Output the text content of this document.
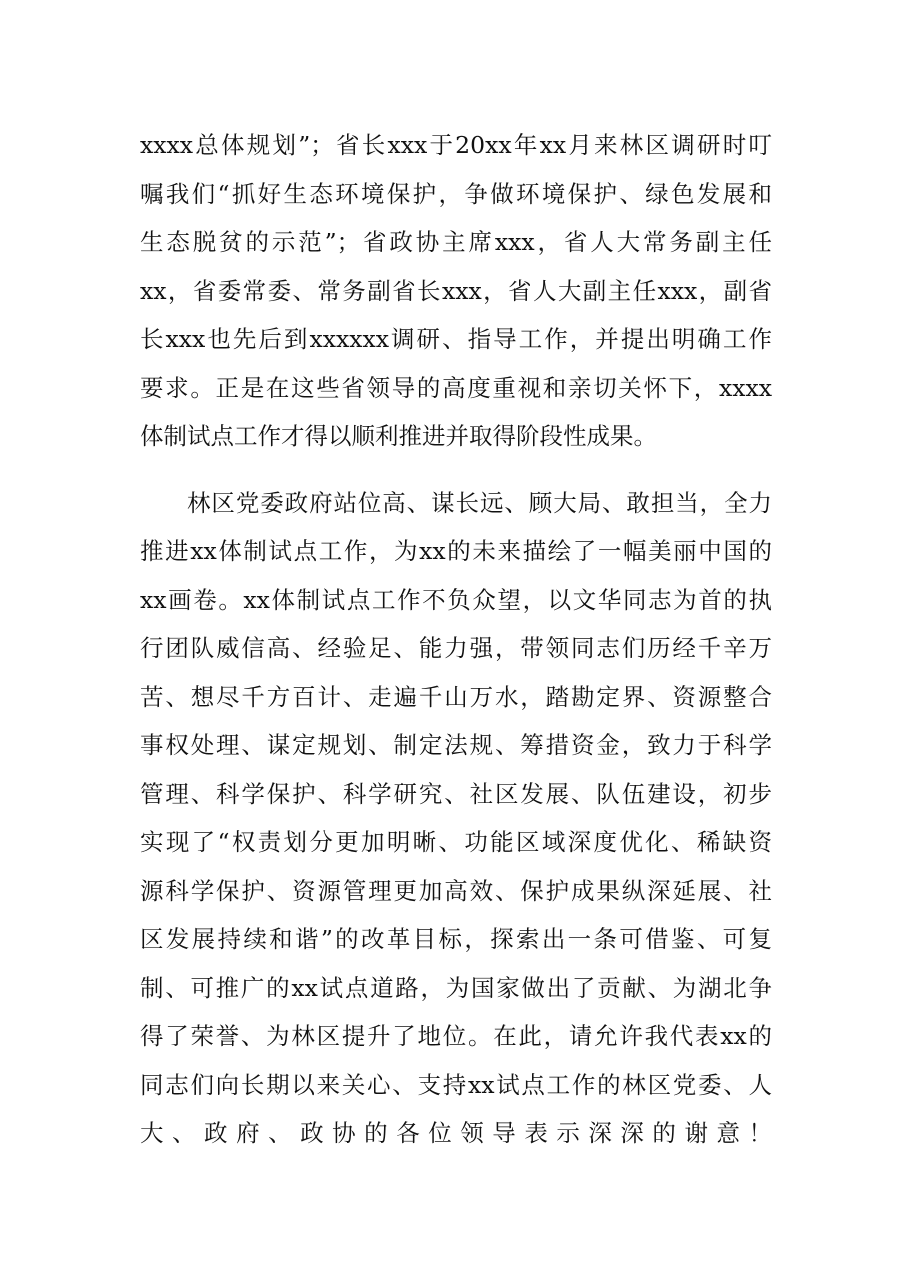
xxxx总体规划”；省长xxx于20xx年xx月来林区调研时叮
嘱我们“抓好生态环境保护，争做环境保护、绿色发展和
生态脱贫的示范”；省政协主席xxx，省人大常务副主任
xx，省委常委、常务副省长xxx，省人大副主任xxx，副省
长xxx也先后到xxxxxx调研、指导工作，并提出明确工作
要求。正是在这些省领导的高度重视和亲切关怀下，xxxx
体制试点工作才得以顺利推进并取得阶段性成果。

林区党委政府站位高、谋长远、顾大局、敢担当，全力
推进xx体制试点工作，为xx的未来描绘了一幅美丽中国的
xx画卷。xx体制试点工作不负众望，以文华同志为首的执
行团队威信高、经验足、能力强，带领同志们历经千辛万
苦、想尽千方百计、走遍千山万水，踏勘定界、资源整合
事权处理、谋定规划、制定法规、筹措资金，致力于科学
管理、科学保护、科学研究、社区发展、队伍建设，初步
实现了“权责划分更加明晰、功能区域深度优化、稀缺资
源科学保护、资源管理更加高效、保护成果纵深延展、社
区发展持续和谐”的改革目标，探索出一条可借鉴、可复
制、可推广的xx试点道路，为国家做出了贡献、为湖北争
得了荣誉、为林区提升了地位。在此，请允许我代表xx的
同志们向长期以来关心、支持xx试点工作的林区党委、人
大、政府、政协的各位领导表示深深的谢意！
